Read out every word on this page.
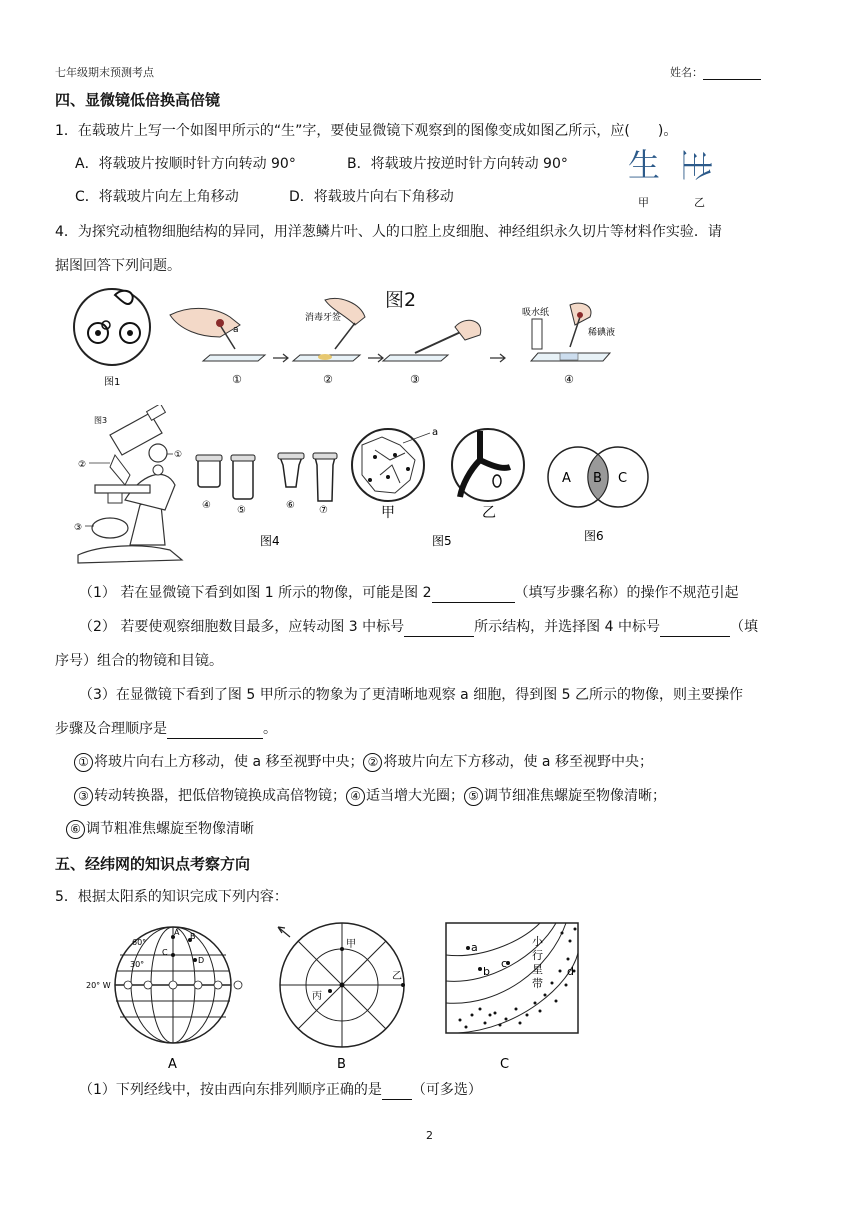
七年级期末预测考点	姓名：
四、显微镜低倍换高倍镜
1．在载玻片上写一个如图甲所示的“生”字，要使显微镜下观察到的图像变成如图乙所示，应(　　)。
A．将载玻片按顺时针方向转动 90°	B．将载玻片按逆时针方向转动 90°
C．将载玻片向左上角移动	D．将载玻片向右下角移动
生 生
甲	乙
4．为探究动植物细胞结构的异同，用洋葱鳞片叶、人的口腔上皮细胞、神经组织永久切片等材料作实验．请
据图回答下列问题。
图1
a
①
消毒牙签
②	③
吸水纸
稀碘液
④
图2
图3
①
②
③
④	⑤	⑥ ⑦
图4
a
甲	乙
图5
A B C
图6
（1） 若在显微镜下看到如图 1 所示的物像，可能是图 2	（填写步骤名称）的操作不规范引起
（2） 若要使观察细胞数目最多，应转动图 3 中标号	所示结构，并选择图 4 中标号	（填
序号）组合的物镜和目镜。
（3）在显微镜下看到了图 5 甲所示的物象为了更清晰地观察 a 细胞，得到图 5 乙所示的物像，则主要操作
步骤及合理顺序是	。
① 将玻片向右上方移动，使 a 移至视野中央； ② 将玻片向左下方移动，使 a 移至视野中央；
③ 转动转换器，把低倍物镜换成高倍物镜； ④ 适当增大光圈； ⑤ 调节细准焦螺旋至物像清晰；
⑥ 调节粗准焦螺旋至物像清晰
五、经纬网的知识点考察方向
5．根据太阳系的知识完成下列内容：
60°
30°
20° W
A B
C
D
A
甲
乙
丙
B
a
b
c
d
小
行
星
带
C
（1）下列经线中，按由西向东排列顺序正确的是 （可多选）
2
